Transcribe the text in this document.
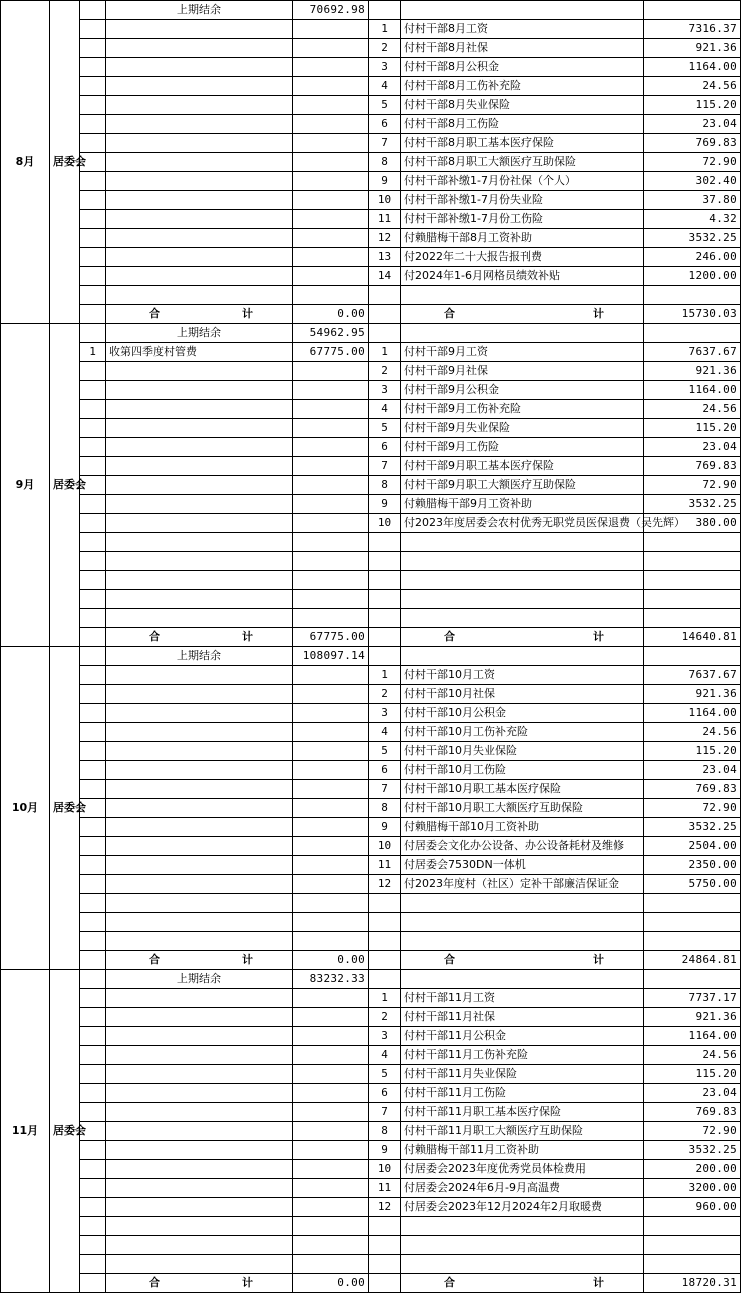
8月	居委会		上期结余	70692.98			
					1	付村干部8月工资	7316.37
					2	付村干部8月社保	921.36
					3	付村干部8月公积金	1164.00
					4	付村干部8月工伤补充险	24.56
					5	付村干部8月失业保险	115.20
					6	付村干部8月工伤险	23.04
					7	付村干部8月职工基本医疗保险	769.83
					8	付村干部8月职工大额医疗互助保险	72.90
					9	付村干部补缴1-7月份社保（个人）	302.40
					10	付村干部补缴1-7月份失业险	37.80
					11	付村干部补缴1-7月份工伤险	4.32
					12	付赖腊梅干部8月工资补助	3532.25
					13	付2022年二十大报告报刊费	246.00
					14	付2024年1-6月网格员绩效补贴	1200.00

			合 计	0.00		合 计	15730.03
9月	居委会		上期结余	54962.95			
		1	收第四季度村管费	67775.00	1	付村干部9月工资	7637.67
					2	付村干部9月社保	921.36
					3	付村干部9月公积金	1164.00
					4	付村干部9月工伤补充险	24.56
					5	付村干部9月失业保险	115.20
					6	付村干部9月工伤险	23.04
					7	付村干部9月职工基本医疗保险	769.83
					8	付村干部9月职工大额医疗互助保险	72.90
					9	付赖腊梅干部9月工资补助	3532.25
					10	付2023年度居委会农村优秀无职党员医保退费（吴先辉）	380.00

			合 计	67775.00		合 计	14640.81
10月	居委会		上期结余	108097.14			
					1	付村干部10月工资	7637.67
					2	付村干部10月社保	921.36
					3	付村干部10月公积金	1164.00
					4	付村干部10月工伤补充险	24.56
					5	付村干部10月失业保险	115.20
					6	付村干部10月工伤险	23.04
					7	付村干部10月职工基本医疗保险	769.83
					8	付村干部10月职工大额医疗互助保险	72.90
					9	付赖腊梅干部10月工资补助	3532.25
					10	付居委会文化办公设备、办公设备耗材及维修	2504.00
					11	付居委会7530DN一体机	2350.00
					12	付2023年度村（社区）定补干部廉洁保证金	5750.00

			合 计	0.00		合 计	24864.81
11月	居委会		上期结余	83232.33			
					1	付村干部11月工资	7737.17
					2	付村干部11月社保	921.36
					3	付村干部11月公积金	1164.00
					4	付村干部11月工伤补充险	24.56
					5	付村干部11月失业保险	115.20
					6	付村干部11月工伤险	23.04
					7	付村干部11月职工基本医疗保险	769.83
					8	付村干部11月职工大额医疗互助保险	72.90
					9	付赖腊梅干部11月工资补助	3532.25
					10	付居委会2023年度优秀党员体检费用	200.00
					11	付居委会2024年6月-9月高温费	3200.00
					12	付居委会2023年12月2024年2月取暖费	960.00

			合 计	0.00		合 计	18720.31
